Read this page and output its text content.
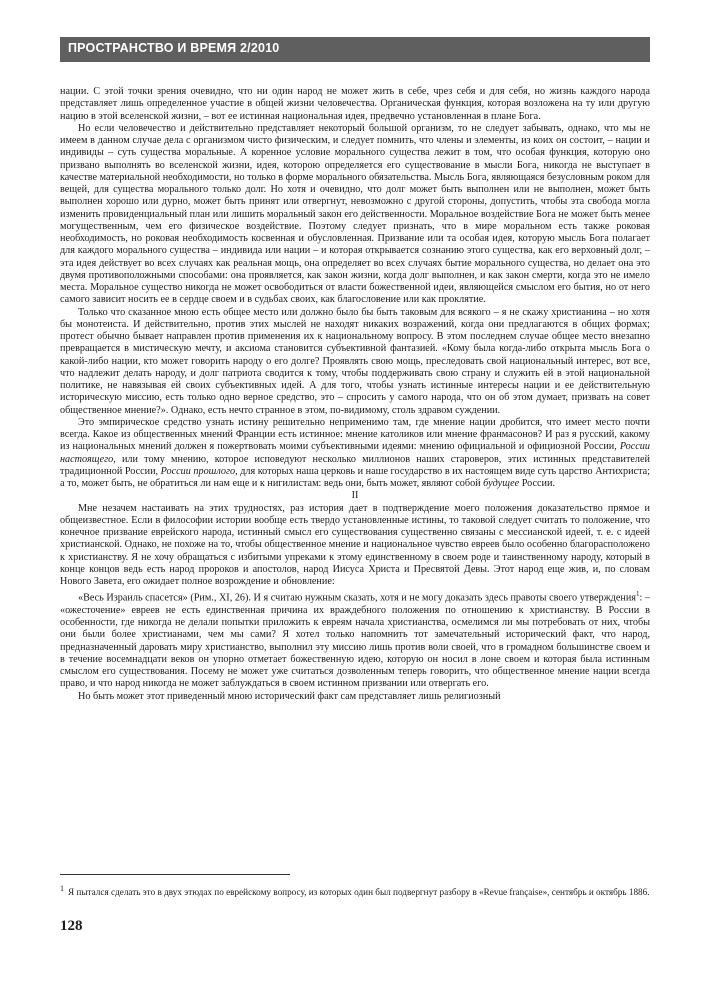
ПРОСТРАНСТВО И ВРЕМЯ 2/2010

нации. С этой точки зрения очевидно, что ни один народ не может жить в себе, чрез себя и для себя, но жизнь каждого народа представляет лишь определенное участие в общей жизни человечества. Органическая функция, которая возложена на ту или другую нацию в этой вселенской жизни, – вот ее истинная национальная идея, предвечно установленная в плане Бога.

Но если человечество и действительно представляет некоторый большой организм, то не следует забывать, однако, что мы не имеем в данном случае дела с организмом чисто физическим, и следует помнить, что члены и элементы, из коих он состоит, – нации и индивиды – суть существа моральные. А коренное условие морального существа лежит в том, что особая функция, которую оно призвано выполнять во вселенской жизни, идея, которою определяется его существование в мысли Бога, никогда не выступает в качестве материальной необходимости, но только в форме морального обязательства. Мысль Бога, являющаяся безусловным роком для вещей, для существа морального только долг. Но хотя и очевидно, что долг может быть выполнен или не выполнен, может быть выполнен хорошо или дурно, может быть принят или отвергнут, невозможно с другой стороны, допустить, чтобы эта свобода могла изменить провиденциальный план или лишить моральный закон его действенности. Моральное воздействие Бога не может быть менее могущественным, чем его физическое воздействие. Поэтому следует признать, что в мире моральном есть также роковая необходимость, но роковая необходимость косвенная и обусловленная. Призвание или та особая идея, которую мысль Бога полагает для каждого морального существа – индивида или нации – и которая открывается сознанию этого существа, как его верховный долг, – эта идея действует во всех случаях как реальная мощь, она определяет во всех случаях бытие морального существа, но делает она это двумя противоположными способами: она проявляется, как закон жизни, когда долг выполнен, и как закон смерти, когда это не имело места. Моральное существо никогда не может освободиться от власти божественной идеи, являющейся смыслом его бытия, но от него самого зависит носить ее в сердце своем и в судьбах своих, как благословение или как проклятие.

Только что сказанное мною есть общее место или должно было бы быть таковым для всякого – я не скажу христианина – но хотя бы монотеиста. И действительно, против этих мыслей не находят никаких возражений, когда они предлагаются в общих формах; протест обычно бывает направлен против применения их к национальному вопросу. В этом последнем случае общее место внезапно превращается в мистическую мечту, и аксиома становится субъективной фантазией. «Кому была когда-либо открыта мысль Бога о какой-либо нации, кто может говорить народу о его долге? Проявлять свою мощь, преследовать свой национальный интерес, вот все, что надлежит делать народу, и долг патриота сводится к тому, чтобы поддерживать свою страну и служить ей в этой национальной политике, не навязывая ей своих субъективных идей. А для того, чтобы узнать истинные интересы нации и ее действительную историческую миссию, есть только одно верное средство, это – спросить у самого народа, что он об этом думает, призвать на совет общественное мнение?». Однако, есть нечто странное в этом, по-видимому, столь здравом суждении.

Это эмпирическое средство узнать истину решительно неприменимо там, где мнение нации дробится, что имеет место почти всегда. Какое из общественных мнений Франции есть истинное: мнение католиков или мнение франмасонов? И раз я русский, какому из национальных мнений должен я пожертвовать моими субъективными идеями: мнению официальной и официозной России, России настоящего, или тому мнению, которое исповедуют несколько миллионов наших староверов, этих истинных представителей традиционной России, России прошлого, для которых наша церковь и наше государство в их настоящем виде суть царство Антихриста; а то, может быть, не обратиться ли нам еще и к нигилистам: ведь они, быть может, являют собой будущее России.

II

Мне незачем настаивать на этих трудностях, раз история дает в подтверждение моего положения доказательство прямое и общеизвестное. Если в философии истории вообще есть твердо установленные истины, то таковой следует считать то положение, что конечное призвание еврейского народа, истинный смысл его существования существенно связаны с мессианской идеей, т. е. с идеей христианской. Однако, не похоже на то, чтобы общественное мнение и национальное чувство евреев было особенно благорасположено к христианству. Я не хочу обращаться с избитыми упреками к этому единственному в своем роде и таинственному народу, который в конце концов ведь есть народ пророков и апостолов, народ Иисуса Христа и Пресвятой Девы. Этот народ еще жив, и, по словам Нового Завета, его ожидает полное возрождение и обновление:

«Весь Израиль спасется» (Рим., XI, 26). И я считаю нужным сказать, хотя и не могу доказать здесь правоты своего утверждения$^1$: – «ожесточение» евреев не есть единственная причина их враждебного положения по отношению к христианству. В России в особенности, где никогда не делали попытки приложить к евреям начала христианства, осмелимся ли мы потребовать от них, чтобы они были более христианами, чем мы сами? Я хотел только напомнить тот замечательный исторический факт, что народ, предназначенный даровать миру христианство, выполнил эту миссию лишь против воли своей, что в громадном большинстве своем и в течение восемнадцати веков он упорно отметает божественную идею, которую он носил в лоне своем и которая была истинным смыслом его существования. Посему не может уже считаться дозволенным теперь говорить, что общественное мнение нации всегда право, и что народ никогда не может заблуждаться в своем истинном призвании или отвергать его.

Но быть может этот приведенный мною исторический факт сам представляет лишь религиозный

1 Я пытался сделать это в двух этюдах по еврейскому вопросу, из которых один был подвергнут разбору в «Revue française», сентябрь и октябрь 1886.
128
